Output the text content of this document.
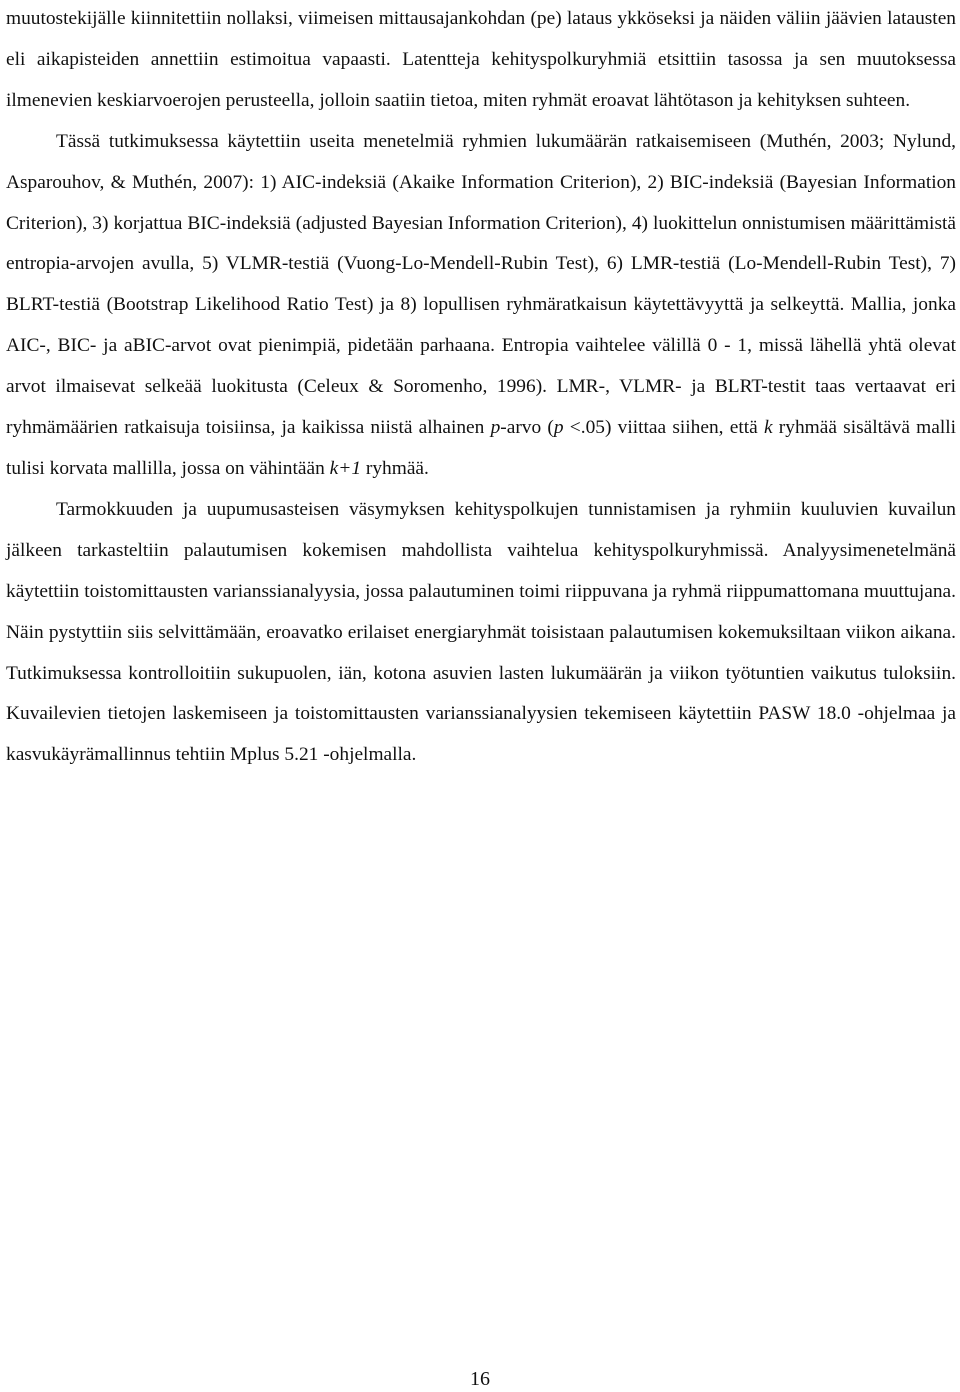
muutostekijälle kiinnitettiin nollaksi, viimeisen mittausajankohdan (pe) lataus ykköseksi ja näiden väliin jäävien latausten eli aikapisteiden annettiin estimoitua vapaasti. Latentteja kehityspolkuryhmiä etsittiin tasossa ja sen muutoksessa ilmenevien keskiarvoerojen perusteella, jolloin saatiin tietoa, miten ryhmät eroavat lähtötason ja kehityksen suhteen.

Tässä tutkimuksessa käytettiin useita menetelmiä ryhmien lukumäärän ratkaisemiseen (Muthén, 2003; Nylund, Asparouhov, & Muthén, 2007): 1) AIC-indeksiä (Akaike Information Criterion), 2) BIC-indeksiä (Bayesian Information Criterion), 3) korjattua BIC-indeksiä (adjusted Bayesian Information Criterion), 4) luokittelun onnistumisen määrittämistä entropia-arvojen avulla, 5) VLMR-testiä (Vuong-Lo-Mendell-Rubin Test), 6) LMR-testiä (Lo-Mendell-Rubin Test), 7) BLRT-testiä (Bootstrap Likelihood Ratio Test) ja 8) lopullisen ryhmäratkaisun käytettävyyttä ja selkeyttä. Mallia, jonka AIC-, BIC- ja aBIC-arvot ovat pienimpiä, pidetään parhaana. Entropia vaihtelee välillä 0 - 1, missä lähellä yhtä olevat arvot ilmaisevat selkeää luokitusta (Celeux & Soromenho, 1996). LMR-, VLMR- ja BLRT-testit taas vertaavat eri ryhmämäärien ratkaisuja toisiinsa, ja kaikissa niistä alhainen p-arvo (p <.05) viittaa siihen, että k ryhmää sisältävä malli tulisi korvata mallilla, jossa on vähintään k+1 ryhmää.

Tarmokkuuden ja uupumusasteisen väsymyksen kehityspolkujen tunnistamisen ja ryhmiin kuuluvien kuvailun jälkeen tarkasteltiin palautumisen kokemisen mahdollista vaihtelua kehityspolkuryhmissä. Analyysimenetelmänä käytettiin toistomittausten varianssianalyysia, jossa palautuminen toimi riippuvana ja ryhmä riippumattomana muuttujana. Näin pystyttiin siis selvittämään, eroavatko erilaiset energiaryhmät toisistaan palautumisen kokemuksiltaan viikon aikana. Tutkimuksessa kontrolloitiin sukupuolen, iän, kotona asuvien lasten lukumäärän ja viikon työtuntien vaikutus tuloksiin. Kuvailevien tietojen laskemiseen ja toistomittausten varianssianalyysien tekemiseen käytettiin PASW 18.0 -ohjelmaa ja kasvukäyrämallinnus tehtiin Mplus 5.21 -ohjelmalla.

16
